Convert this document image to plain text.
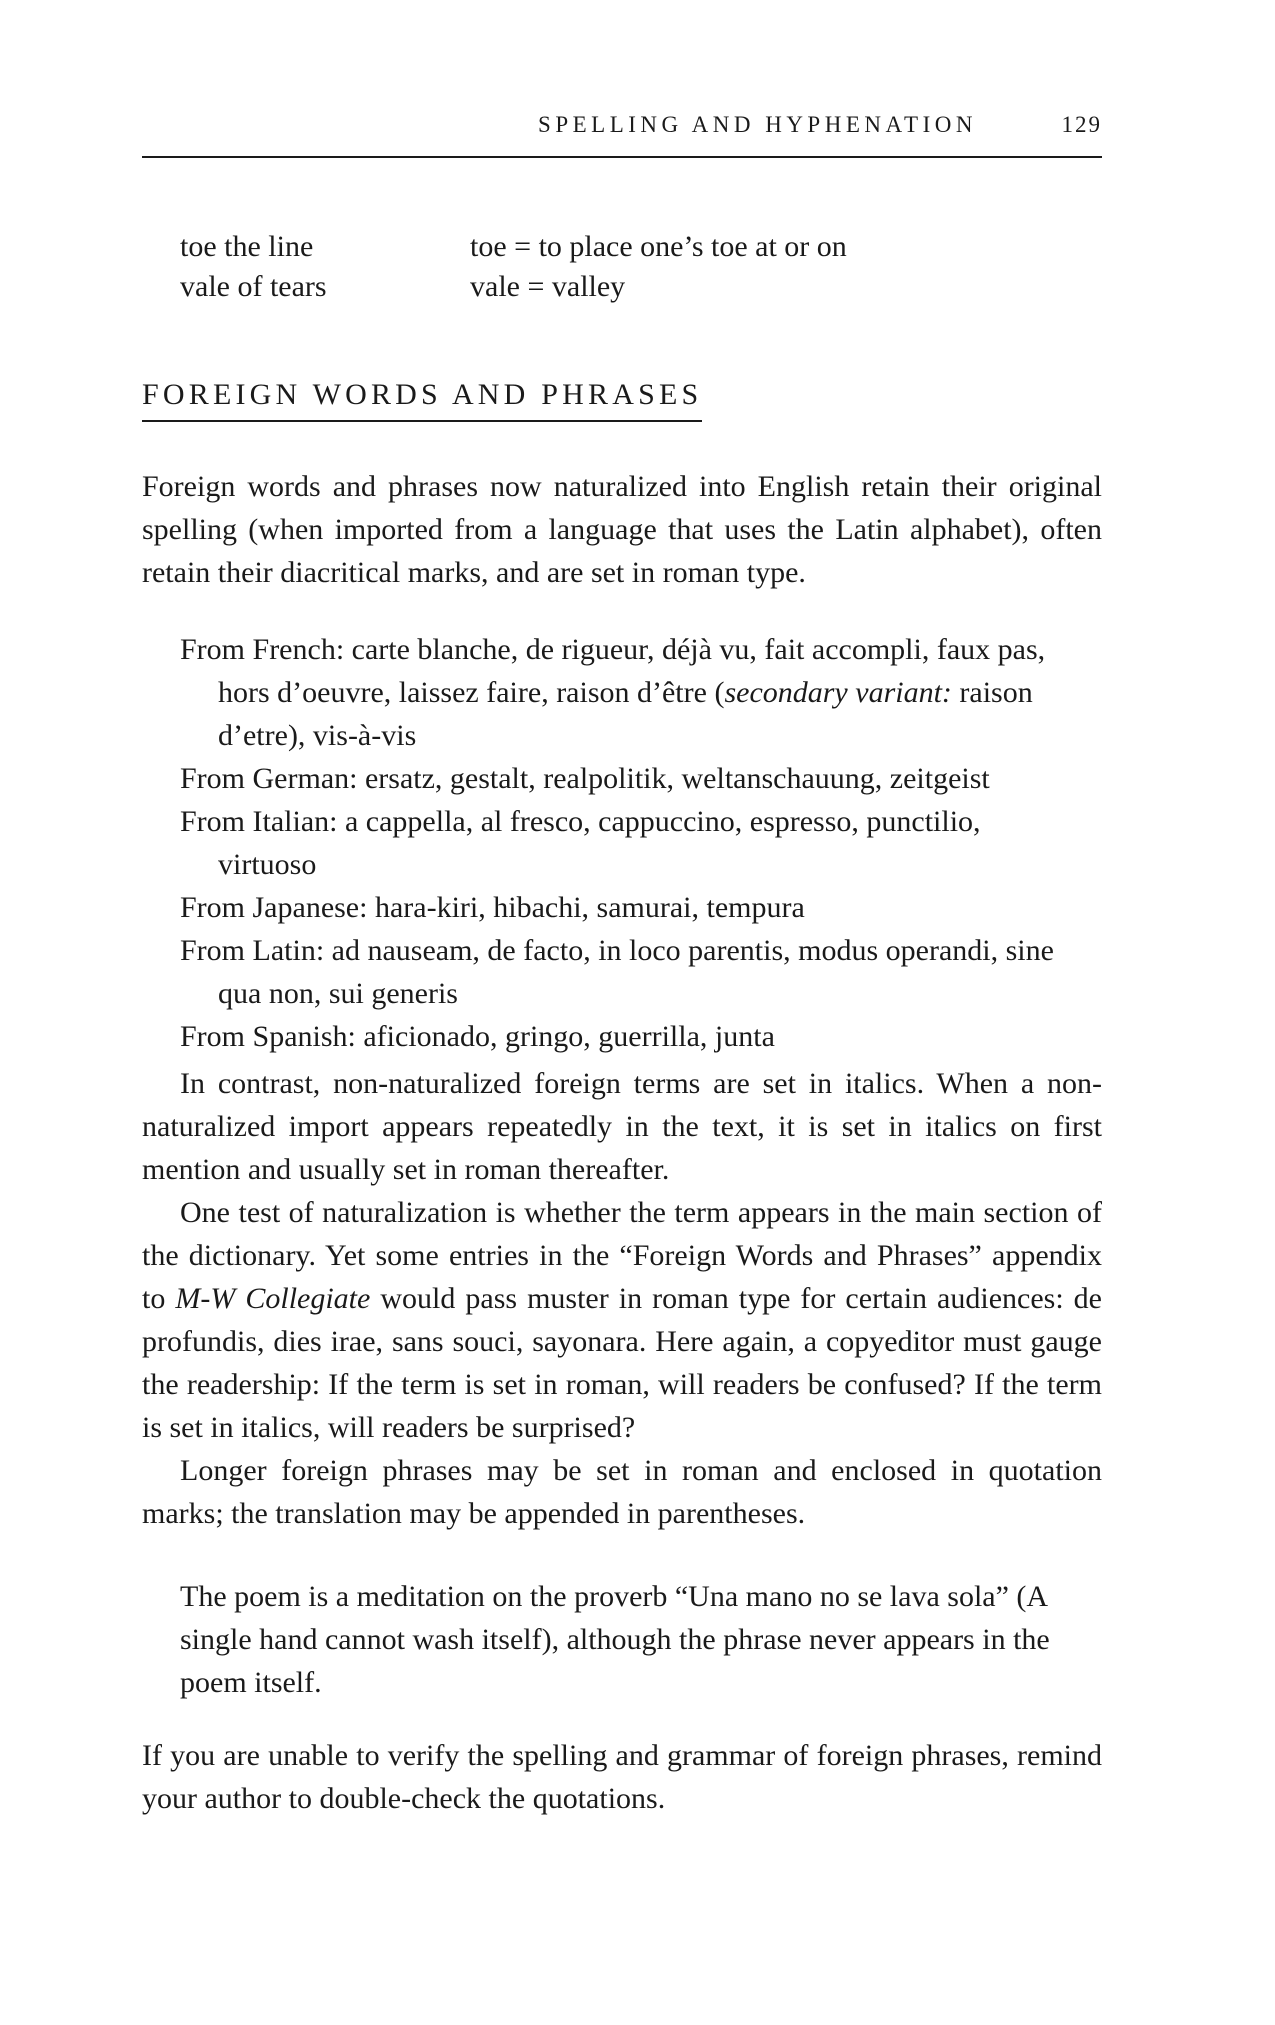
SPELLING AND HYPHENATION	129
toe the line	toe = to place one’s toe at or on
vale of tears	vale = valley
FOREIGN WORDS AND PHRASES

Foreign words and phrases now naturalized into English retain their original spelling (when imported from a language that uses the Latin alphabet), often retain their diacritical marks, and are set in roman type.

From French: carte blanche, de rigueur, déjà vu, fait accompli, faux pas, hors d’oeuvre, laissez faire, raison d’être (secondary variant: raison d’etre), vis-à-vis
From German: ersatz, gestalt, realpolitik, weltanschauung, zeitgeist
From Italian: a cappella, al fresco, cappuccino, espresso, punctilio, virtuoso
From Japanese: hara-kiri, hibachi, samurai, tempura
From Latin: ad nauseam, de facto, in loco parentis, modus operandi, sine qua non, sui generis
From Spanish: aficionado, gringo, guerrilla, junta

In contrast, non-naturalized foreign terms are set in italics. When a non-naturalized import appears repeatedly in the text, it is set in italics on first mention and usually set in roman thereafter.

One test of naturalization is whether the term appears in the main section of the dictionary. Yet some entries in the “Foreign Words and Phrases” appendix to M-W Collegiate would pass muster in roman type for certain audiences: de profundis, dies irae, sans souci, sayonara. Here again, a copyeditor must gauge the readership: If the term is set in roman, will readers be confused? If the term is set in italics, will readers be surprised?

Longer foreign phrases may be set in roman and enclosed in quotation marks; the translation may be appended in parentheses.

The poem is a meditation on the proverb “Una mano no se lava sola” (A single hand cannot wash itself), although the phrase never appears in the poem itself.

If you are unable to verify the spelling and grammar of foreign phrases, remind your author to double-check the quotations.
